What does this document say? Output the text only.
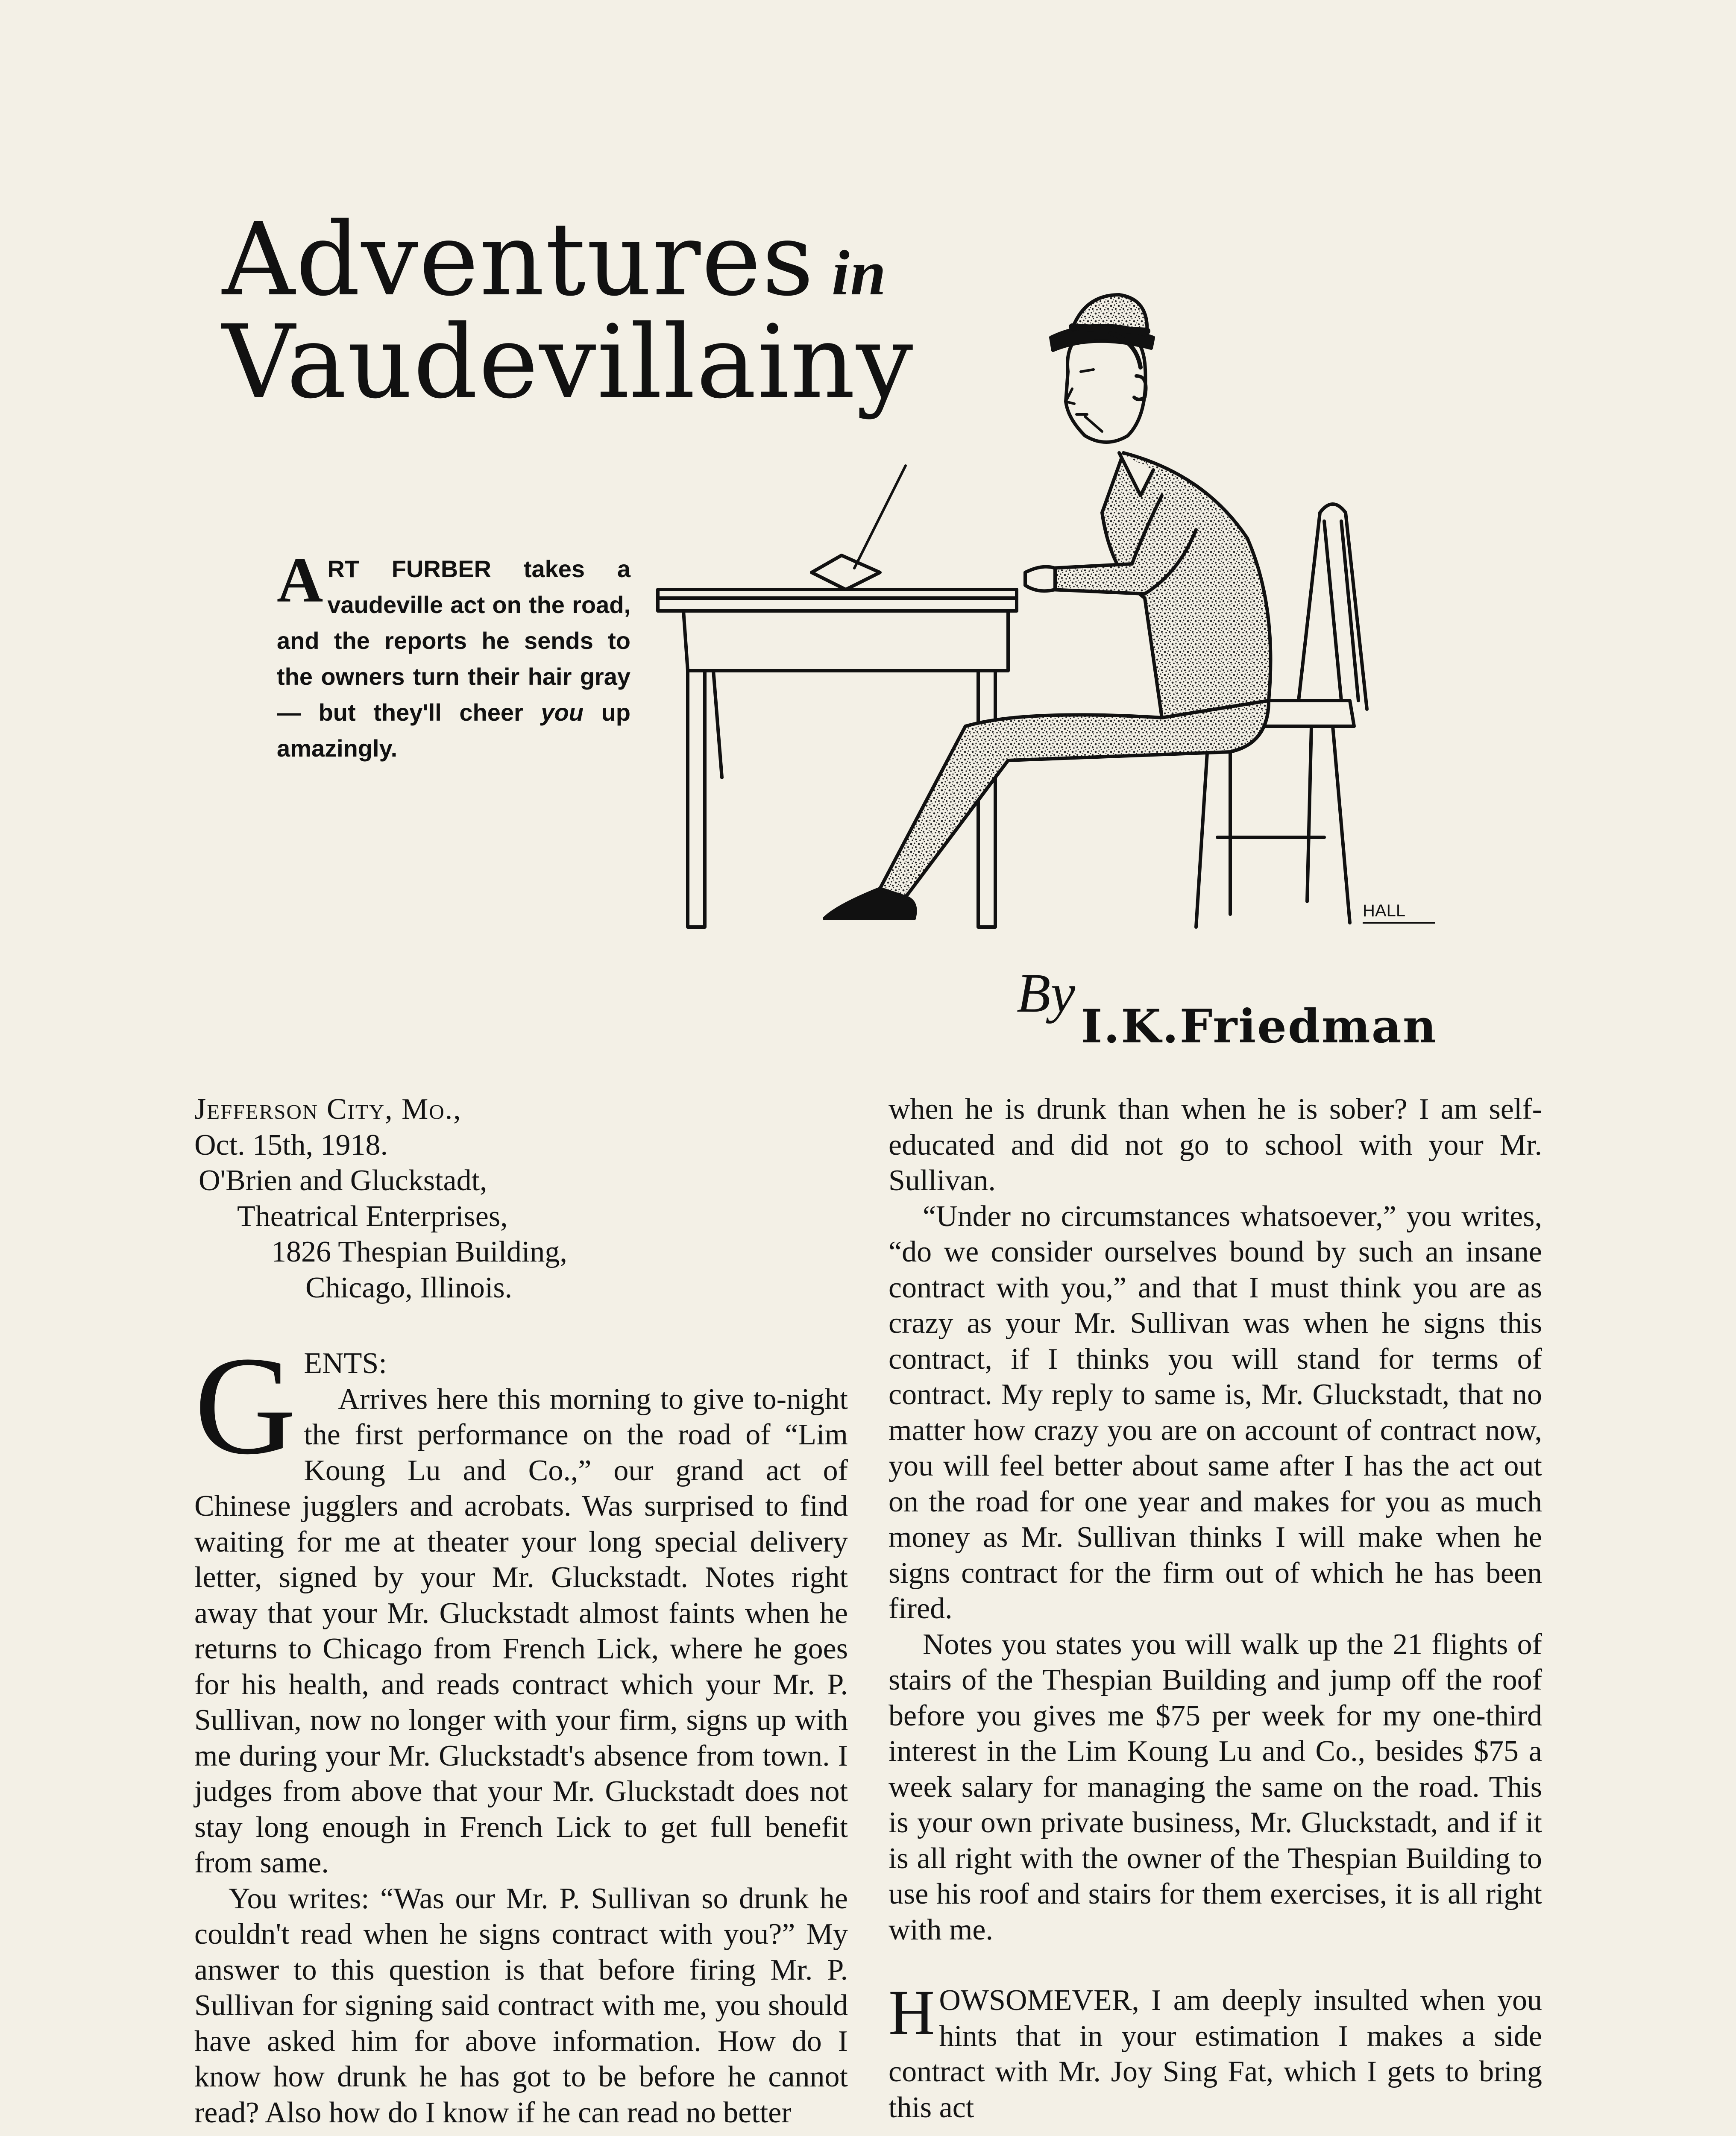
Adventures in
Vaudevillainy
ART FURBER takes a vaudeville act on the road, and the reports he sends to the owners turn their hair gray — but they'll cheer you up amazingly.
HALL
By
I.K.Friedman

Jefferson City, Mo.,

Oct. 15th, 1918.

O'Brien and Gluckstadt,
Theatrical Enterprises,
1826 Thespian Building,
Chicago, Illinois.
G ENTS:

Arrives here this morning to give to-night the first performance on the road of “Lim Koung Lu and Co.,” our grand act of Chinese jugglers and acrobats. Was surprised to find waiting for me at theater your long special delivery letter, signed by your Mr. Gluckstadt. Notes right away that your Mr. Gluckstadt almost faints when he returns to Chicago from French Lick, where he goes for his health, and reads contract which your Mr. P. Sullivan, now no longer with your firm, signs up with me during your Mr. Gluckstadt's absence from town. I judges from above that your Mr. Gluckstadt does not stay long enough in French Lick to get full benefit from same.

You writes: “Was our Mr. P. Sullivan so drunk he couldn't read when he signs contract with you?” My answer to this question is that before firing Mr. P. Sullivan for signing said contract with me, you should have asked him for above information. How do I know how drunk he has got to be before he cannot read? Also how do I know if he can read no better

when he is drunk than when he is sober? I am self-educated and did not go to school with your Mr. Sullivan.

“Under no circumstances whatsoever,” you writes, “do we consider ourselves bound by such an insane contract with you,” and that I must think you are as crazy as your Mr. Sullivan was when he signs this contract, if I thinks you will stand for terms of contract. My reply to same is, Mr. Gluckstadt, that no matter how crazy you are on account of contract now, you will feel better about same after I has the act out on the road for one year and makes for you as much money as Mr. Sullivan thinks I will make when he signs contract for the firm out of which he has been fired.

Notes you states you will walk up the 21 flights of stairs of the Thespian Building and jump off the roof before you gives me $75 per week for my one-third interest in the Lim Koung Lu and Co., besides $75 a week salary for managing the same on the road. This is your own private business, Mr. Gluckstadt, and if it is all right with the owner of the Thespian Building to use his roof and stairs for them exercises, it is all right with me.

H OWSOMEVER, I am deeply insulted when you hints that in your estimation I makes a side contract with Mr. Joy Sing Fat, which I gets to bring this act
